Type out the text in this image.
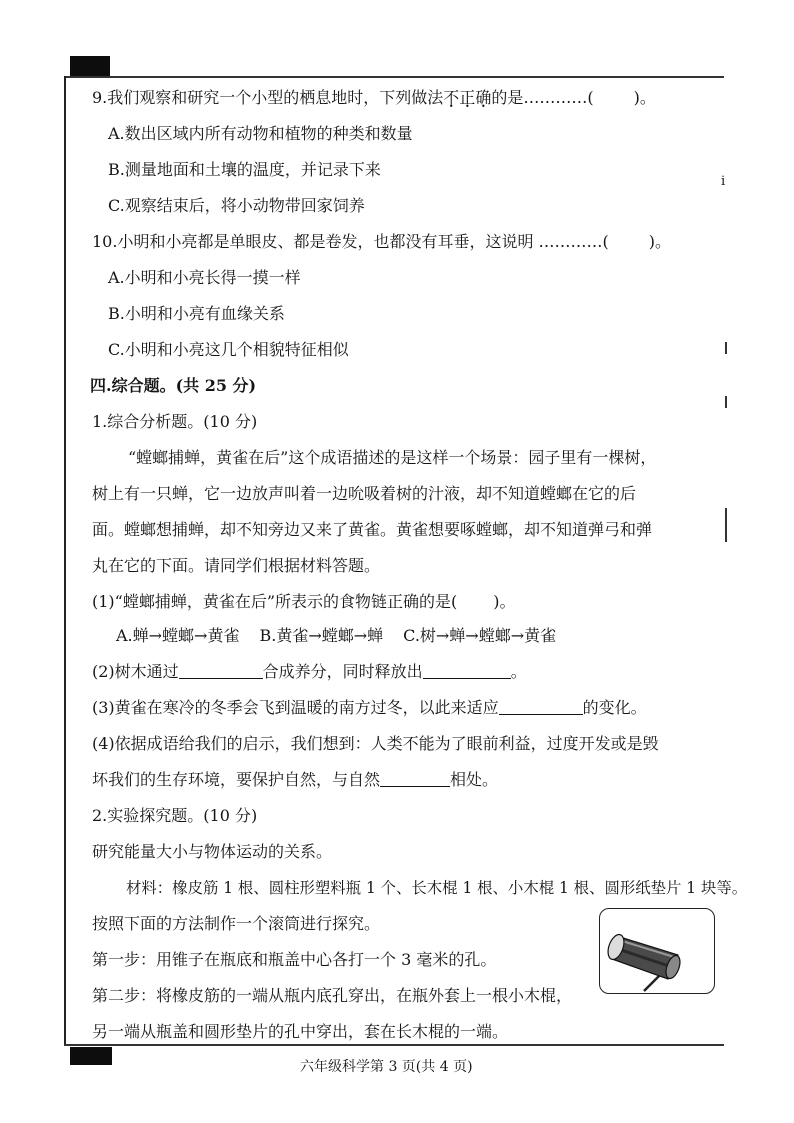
i
9.我们观察和研究一个小型的栖息地时，下列做法不正确的是…………(	)。
A.数出区域内所有动物和植物的种类和数量
B.测量地面和土壤的温度，并记录下来
C.观察结束后，将小动物带回家饲养
10.小明和小亮都是单眼皮、都是卷发，也都没有耳垂，这说明 …………(	)。
A.小明和小亮长得一摸一样
B.小明和小亮有血缘关系
C.小明和小亮这几个相貌特征相似
四.综合题。(共 25 分)
1.综合分析题。(10 分)
“螳螂捕蝉，黄雀在后”这个成语描述的是这样一个场景：园子里有一棵树，
树上有一只蝉，它一边放声叫着一边吮吸着树的汁液，却不知道螳螂在它的后
面。螳螂想捕蝉，却不知旁边又来了黄雀。黄雀想要啄螳螂，却不知道弹弓和弹
丸在它的下面。请同学们根据材料答题。
(1)“螳螂捕蝉，黄雀在后”所表示的食物链正确的是( )。
A.蝉→螳螂→黄雀 B.黄雀→螳螂→蝉 C.树→蝉→螳螂→黄雀
(2)树木通过	合成养分，同时释放出	。
(3)黄雀在寒冷的冬季会飞到温暖的南方过冬，以此来适应	的变化。
(4)依据成语给我们的启示，我们想到：人类不能为了眼前利益，过度开发或是毁
坏我们的生存环境，要保护自然，与自然	相处。
2.实验探究题。(10 分)
研究能量大小与物体运动的关系。
材料：橡皮筋 1 根、圆柱形塑料瓶 1 个、长木棍 1 根、小木棍 1 根、圆形纸垫片 1 块等。
按照下面的方法制作一个滚筒进行探究。
第一步：用锥子在瓶底和瓶盖中心各打一个 3 毫米的孔。
第二步：将橡皮筋的一端从瓶内底孔穿出，在瓶外套上一根小木棍，
另一端从瓶盖和圆形垫片的孔中穿出，套在长木棍的一端。
六年级科学第 3 页(共 4 页)
